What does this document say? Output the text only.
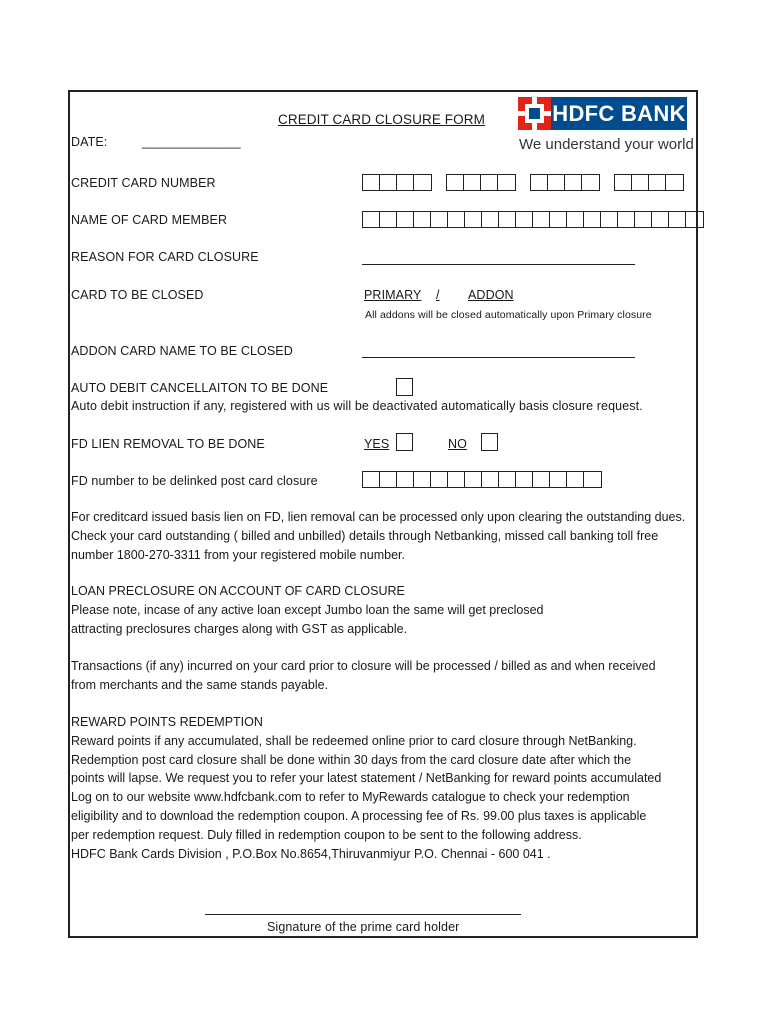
CREDIT CARD CLOSURE FORM
DATE:	______________
HDFC BANK
We understand your world
CREDIT CARD NUMBER
NAME OF CARD MEMBER
REASON FOR CARD CLOSURE
CARD TO BE CLOSED	PRIMARY / ADDON
All addons will be closed automatically upon Primary closure
ADDON CARD NAME TO BE CLOSED
AUTO DEBIT CANCELLAITON TO BE DONE
Auto debit instruction if any, registered with us will be deactivated automatically basis closure request.
FD LIEN REMOVAL TO BE DONE	YES	NO
FD number to be delinked post card closure
For creditcard issued basis lien on FD, lien removal can be processed only upon clearing the outstanding dues.
Check your card outstanding ( billed and unbilled) details through Netbanking, missed call banking toll free
number 1800-270-3311 from your registered mobile number.
LOAN PRECLOSURE ON ACCOUNT OF CARD CLOSURE
Please note, incase of any active loan except Jumbo loan the same will get preclosed
attracting preclosures charges along with GST as applicable.
Transactions (if any) incurred on your card prior to closure will be processed / billed as and when received
from merchants and the same stands payable.
REWARD POINTS REDEMPTION
Reward points if any accumulated, shall be redeemed online prior to card closure through NetBanking.
Redemption post card closure shall be done within 30 days from the card closure date after which the
points will lapse. We request you to refer your latest statement / NetBanking for reward points accumulated
Log on to our website www.hdfcbank.com to refer to MyRewards catalogue to check your redemption
eligibility and to download the redemption coupon. A processing fee of Rs. 99.00 plus taxes is applicable
per redemption request. Duly filled in redemption coupon to be sent to the following address.
HDFC Bank Cards Division , P.O.Box No.8654,Thiruvanmiyur P.O. Chennai - 600 041 .
Signature of the prime card holder
